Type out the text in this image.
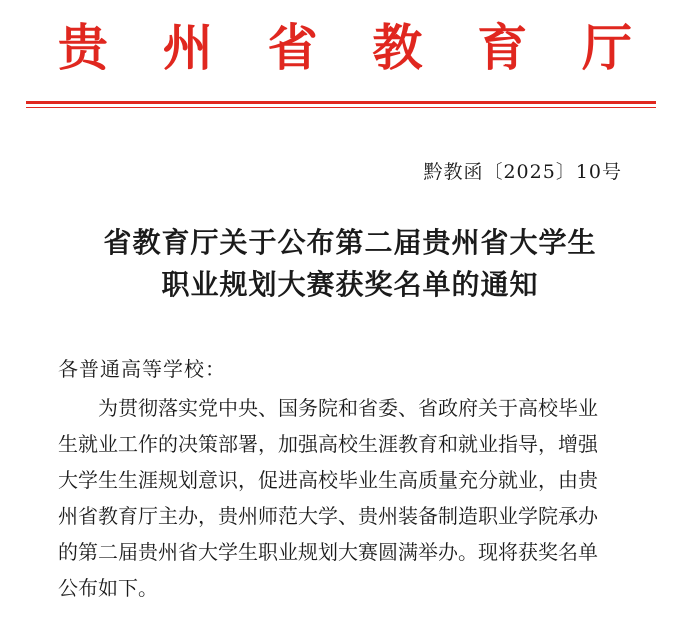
贵 州 省 教 育 厅
黔教函〔2025〕10号
省教育厅关于公布第二届贵州省大学生
职业规划大赛获奖名单的通知
各普通高等学校：
为贯彻落实党中央、国务院和省委、省政府关于高校毕业
生就业工作的决策部署，加强高校生涯教育和就业指导，增强
大学生生涯规划意识，促进高校毕业生高质量充分就业，由贵
州省教育厅主办，贵州师范大学、贵州装备制造职业学院承办
的第二届贵州省大学生职业规划大赛圆满举办。现将获奖名单
公布如下。
